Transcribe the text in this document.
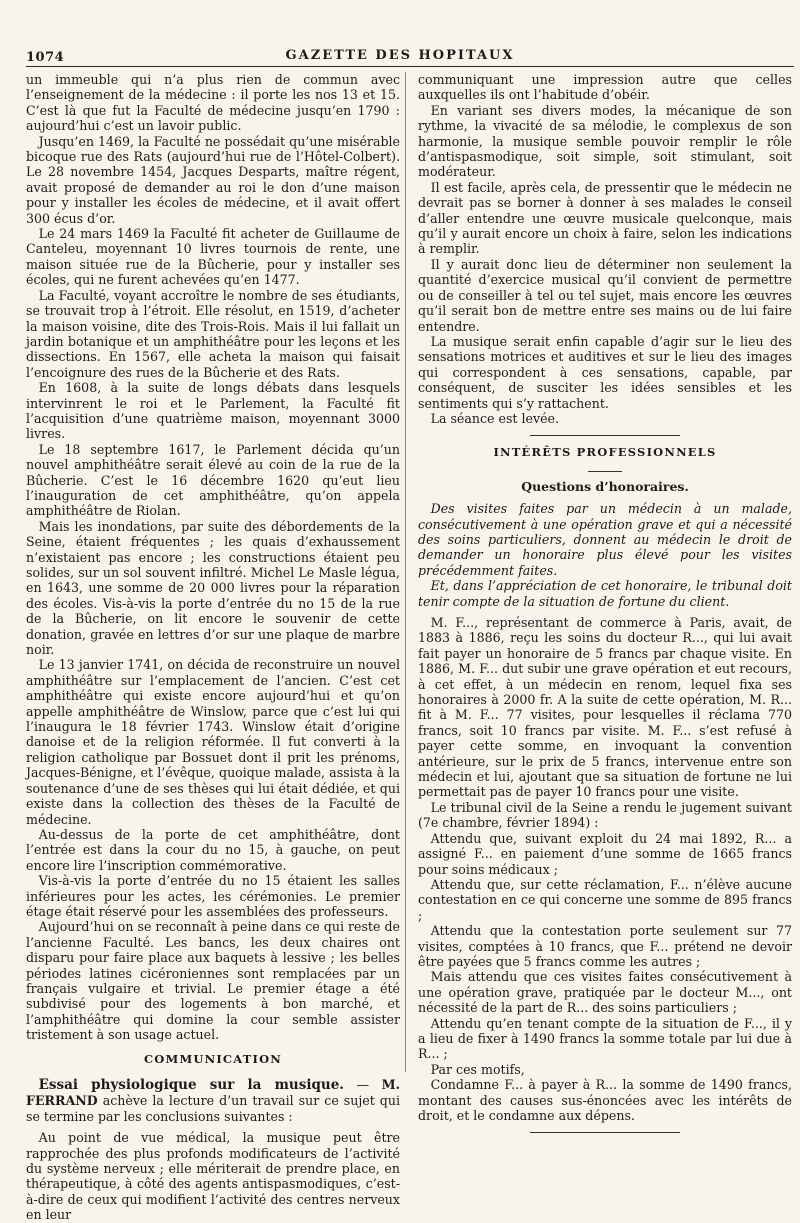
1074	GAZETTE DES HOPITAUX

un immeuble qui n’a plus rien de commun avec l’enseignement de la médecine : il porte les nos 13 et 15. C’est là que fut la Faculté de médecine jusqu’en 1790 : aujourd’hui c’est un lavoir public.

Jusqu’en 1469, la Faculté ne possédait qu’une misérable bicoque rue des Rats (aujourd’hui rue de l’Hôtel-Colbert). Le 28 novembre 1454, Jacques Desparts, maître régent, avait proposé de demander au roi le don d’une maison pour y installer les écoles de médecine, et il avait offert 300 écus d’or.

Le 24 mars 1469 la Faculté fit acheter de Guillaume de Canteleu, moyennant 10 livres tournois de rente, une maison située rue de la Bûcherie, pour y installer ses écoles, qui ne furent achevées qu’en 1477.

La Faculté, voyant accroître le nombre de ses étudiants, se trouvait trop à l’étroit. Elle résolut, en 1519, d’acheter la maison voisine, dite des Trois-Rois. Mais il lui fallait un jardin botanique et un amphithéâtre pour les leçons et les dissections. En 1567, elle acheta la maison qui faisait l’encoignure des rues de la Bûcherie et des Rats.

En 1608, à la suite de longs débats dans lesquels intervinrent le roi et le Parlement, la Faculté fit l’acquisition d’une quatrième maison, moyennant 3000 livres.

Le 18 septembre 1617, le Parlement décida qu’un nouvel amphithéâtre serait élevé au coin de la rue de la Bûcherie. C’est le 16 décembre 1620 qu’eut lieu l’inauguration de cet amphithéâtre, qu’on appela amphithéâtre de Riolan.

Mais les inondations, par suite des débordements de la Seine, étaient fréquentes ; les quais d’exhaussement n’existaient pas encore ; les constructions étaient peu solides, sur un sol souvent infiltré. Michel Le Masle légua, en 1643, une somme de 20 000 livres pour la réparation des écoles. Vis-à-vis la porte d’entrée du no 15 de la rue de la Bûcherie, on lit encore le souvenir de cette donation, gravée en lettres d’or sur une plaque de marbre noir.

Le 13 janvier 1741, on décida de reconstruire un nouvel amphithéâtre sur l’emplacement de l’ancien. C’est cet amphithéâtre qui existe encore aujourd’hui et qu’on appelle amphithéâtre de Winslow, parce que c’est lui qui l’inaugura le 18 février 1743. Winslow était d’origine danoise et de la religion réformée. Il fut converti à la religion catholique par Bossuet dont il prit les prénoms, Jacques-Bénigne, et l’évêque, quoique malade, assista à la soutenance d’une de ses thèses qui lui était dédiée, et qui existe dans la collection des thèses de la Faculté de médecine.

Au-dessus de la porte de cet amphithéâtre, dont l’entrée est dans la cour du no 15, à gauche, on peut encore lire l’inscription commémorative.

Vis-à-vis la porte d’entrée du no 15 étaient les salles inférieures pour les actes, les cérémonies. Le premier étage était réservé pour les assemblées des professeurs.

Aujourd’hui on se reconnaît à peine dans ce qui reste de l’ancienne Faculté. Les bancs, les deux chaires ont disparu pour faire place aux baquets à lessive ; les belles périodes latines cicéroniennes sont remplacées par un français vulgaire et trivial. Le premier étage a été subdivisé pour des logements à bon marché, et l’amphithéâtre qui domine la cour semble assister tristement à son usage actuel.

COMMUNICATION

Essai physiologique sur la musique. — M. FERRAND achève la lecture d’un travail sur ce sujet qui se termine par les conclusions suivantes :

Au point de vue médical, la musique peut être rapprochée des plus profonds modificateurs de l’activité du système nerveux ; elle mériterait de prendre place, en thérapeutique, à côté des agents antispasmodiques, c’est-à-dire de ceux qui modifient l’activité des centres nerveux en leur

communiquant une impression autre que celles auxquelles ils ont l’habitude d’obéir.

En variant ses divers modes, la mécanique de son rythme, la vivacité de sa mélodie, le complexus de son harmonie, la musique semble pouvoir remplir le rôle d’antispasmodique, soit simple, soit stimulant, soit modérateur.

Il est facile, après cela, de pressentir que le médecin ne devrait pas se borner à donner à ses malades le conseil d’aller entendre une œuvre musicale quelconque, mais qu’il y aurait encore un choix à faire, selon les indications à remplir.

Il y aurait donc lieu de déterminer non seulement la quantité d’exercice musical qu’il convient de permettre ou de conseiller à tel ou tel sujet, mais encore les œuvres qu’il serait bon de mettre entre ses mains ou de lui faire entendre.

La musique serait enfin capable d’agir sur le lieu des sensations motrices et auditives et sur le lieu des images qui correspondent à ces sensations, capable, par conséquent, de susciter les idées sensibles et les sentiments qui s’y rattachent.

La séance est levée.

INTÉRÊTS PROFESSIONNELS
Questions d’honoraires.

Des visites faites par un médecin à un malade, consécutivement à une opération grave et qui a nécessité des soins particuliers, donnent au médecin le droit de demander un honoraire plus élevé pour les visites précédemment faites.

Et, dans l’appréciation de cet honoraire, le tribunal doit tenir compte de la situation de fortune du client.

M. F..., représentant de commerce à Paris, avait, de 1883 à 1886, reçu les soins du docteur R..., qui lui avait fait payer un honoraire de 5 francs par chaque visite. En 1886, M. F... dut subir une grave opération et eut recours, à cet effet, à un médecin en renom, lequel fixa ses honoraires à 2000 fr. A la suite de cette opération, M. R... fit à M. F... 77 visites, pour lesquelles il réclama 770 francs, soit 10 francs par visite. M. F... s’est refusé à payer cette somme, en invoquant la convention antérieure, sur le prix de 5 francs, intervenue entre son médecin et lui, ajoutant que sa situation de fortune ne lui permettait pas de payer 10 francs pour une visite.

Le tribunal civil de la Seine a rendu le jugement suivant (7e chambre, février 1894) :

Attendu que, suivant exploit du 24 mai 1892, R... a assigné F... en paiement d’une somme de 1665 francs pour soins médicaux ;

Attendu que, sur cette réclamation, F... n’élève aucune contestation en ce qui concerne une somme de 895 francs ;

Attendu que la contestation porte seulement sur 77 visites, comptées à 10 francs, que F... prétend ne devoir être payées que 5 francs comme les autres ;

Mais attendu que ces visites faites consécutivement à une opération grave, pratiquée par le docteur M..., ont nécessité de la part de R... des soins particuliers ;

Attendu qu’en tenant compte de la situation de F..., il y a lieu de fixer à 1490 francs la somme totale par lui due à R... ;

Par ces motifs,

Condamne F... à payer à R... la somme de 1490 francs, montant des causes sus-énoncées avec les intérêts de droit, et le condamne aux dépens.
